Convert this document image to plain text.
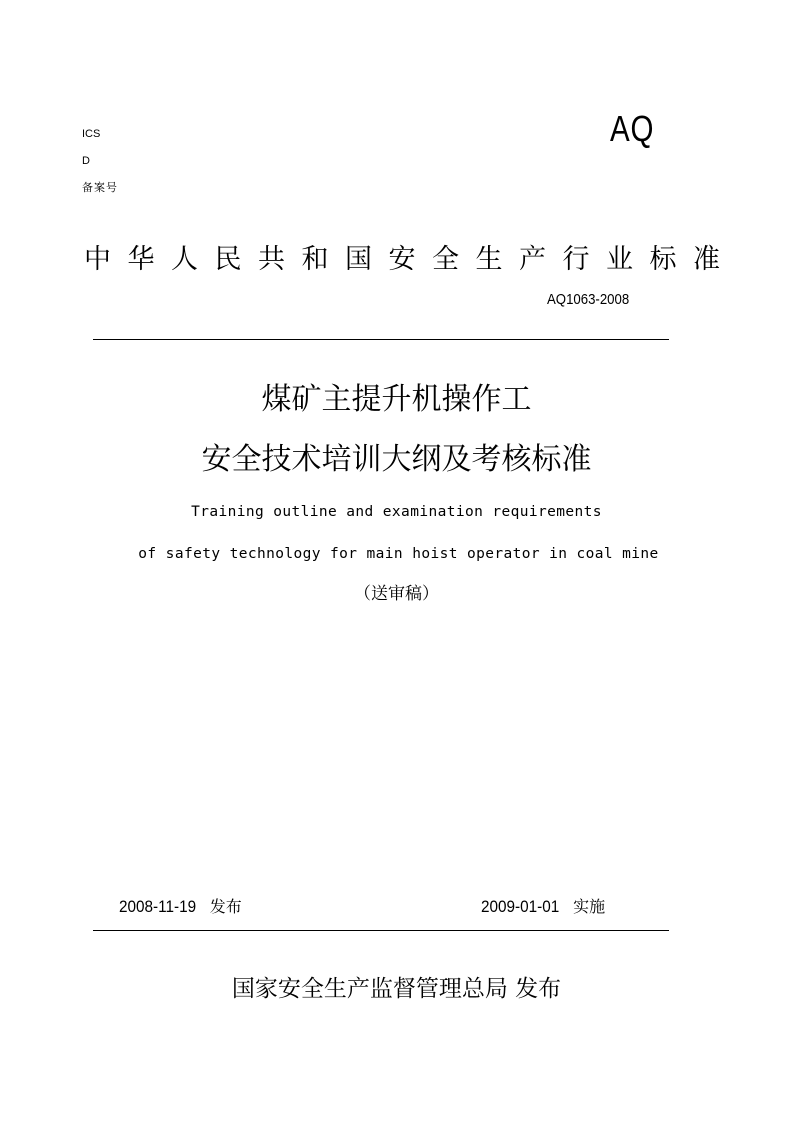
ICS
D
备案号
AQ
中华人民共和国安全生产行业标准
AQ1063-2008
煤矿主提升机操作工
安全技术培训大纲及考核标准
Training outline and examination requirements
of safety technology for main hoist operator in coal mine
（送审稿）
2008-11-19 发布	2009-01-01 实施
国家安全生产监督管理总局 发布
